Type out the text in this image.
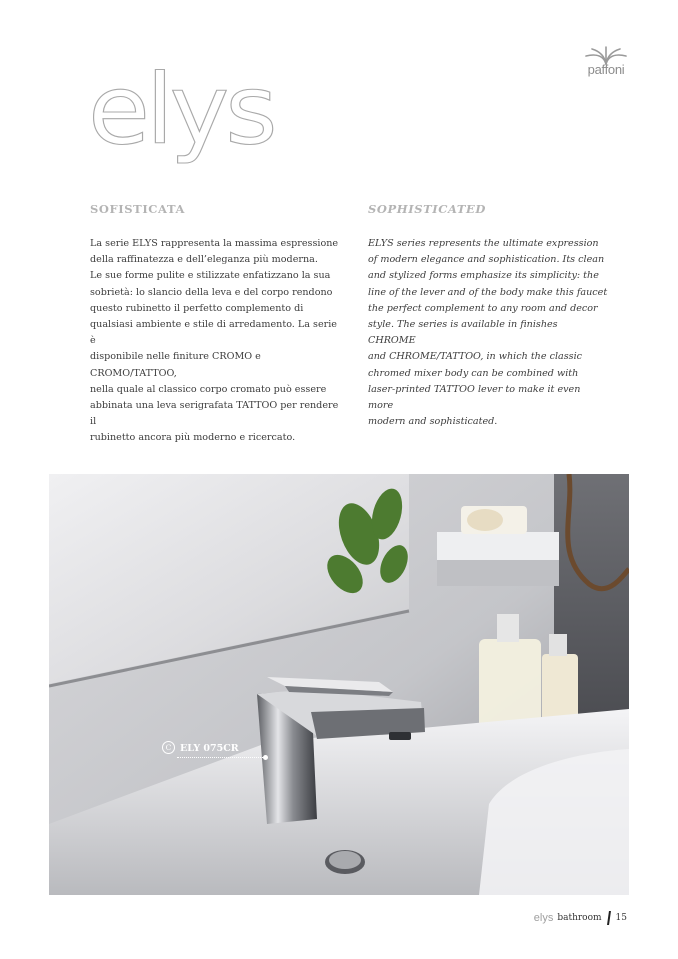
paffoni
elys
SOFISTICATA
La serie ELYS rappresenta la massima espressione
della raffinatezza e dell’eleganza più moderna.
Le sue forme pulite e stilizzate enfatizzano la sua
sobrietà: lo slancio della leva e del corpo rendono
questo rubinetto il perfetto complemento di
qualsiasi ambiente e stile di arredamento. La serie è
disponibile nelle finiture CROMO e CROMO/TATTOO,
nella quale al classico corpo cromato può essere
abbinata una leva serigrafata TATTOO per rendere il
rubinetto ancora più moderno e ricercato.
SOPHISTICATED
ELYS series represents the ultimate expression
of modern elegance and sophistication. Its clean
and stylized forms emphasize its simplicity: the
line of the lever and of the body make this faucet
the perfect complement to any room and decor
style. The series is available in finishes CHROME
and CHROME/TATTOO, in which the classic
chromed mixer body can be combined with
laser-printed TATTOO lever to make it even more
modern and sophisticated.
C ELY 075CR
elys bathroom 15
